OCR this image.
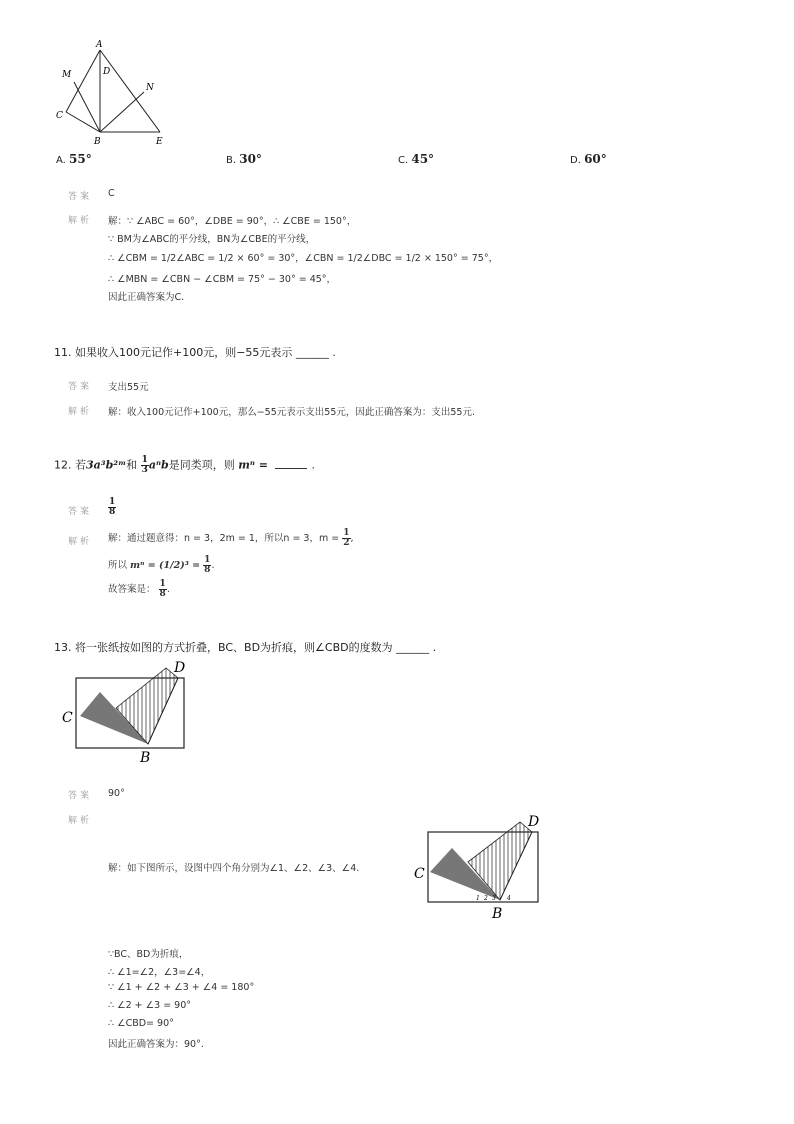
A
M	D
N
C
B	E
A. 55°	B. 30°	C. 45°	D. 60°
答案 C
解析 解：∵ ∠ABC = 60°，∠DBE = 90°，∴ ∠CBE = 150°，
∵ BM为∠ABC的平分线，BN为∠CBE的平分线，
∴ ∠CBM = 1/2∠ABC = 1/2 × 60° = 30°，∠CBN = 1/2∠DBC = 1/2 × 150° = 75°，
∴ ∠MBN = ∠CBN − ∠CBM = 75° − 30° = 45°，
因此正确答案为C.
11. 如果收入100元记作+100元，则−55元表示 ______ .
答案 支出55元
解析 解：收入100元记作+100元，那么−55元表示支出55元，因此正确答案为：支出55元.
12. 若3a³b²ᵐ和 $\frac{1}{3}$ aⁿb是同类项，则 mⁿ =	.
答案 $\frac{1}{8}$
解析 解：通过题意得：n = 3，2m = 1，所以n = 3，$m = \frac{1}{2}$ ,
所以 $m^n = (1/2)^3 = \frac{1}{8}$ .
故答案是： $\frac{1}{8}$ .
13. 将一张纸按如图的方式折叠，BC、BD为折痕，则∠CBD的度数为 ______ .
C
D
B
答案 90°
解析
解：如下图所示，设图中四个角分别为∠1、∠2、∠3、∠4.	C
D
B
1 2 3 4
∵BC、BD为折痕，
∴ ∠1=∠2，∠3=∠4，
∵ ∠1 + ∠2 + ∠3 + ∠4 = 180°
∴ ∠2 + ∠3 = 90°
∴ ∠CBD= 90°
因此正确答案为：90°.
